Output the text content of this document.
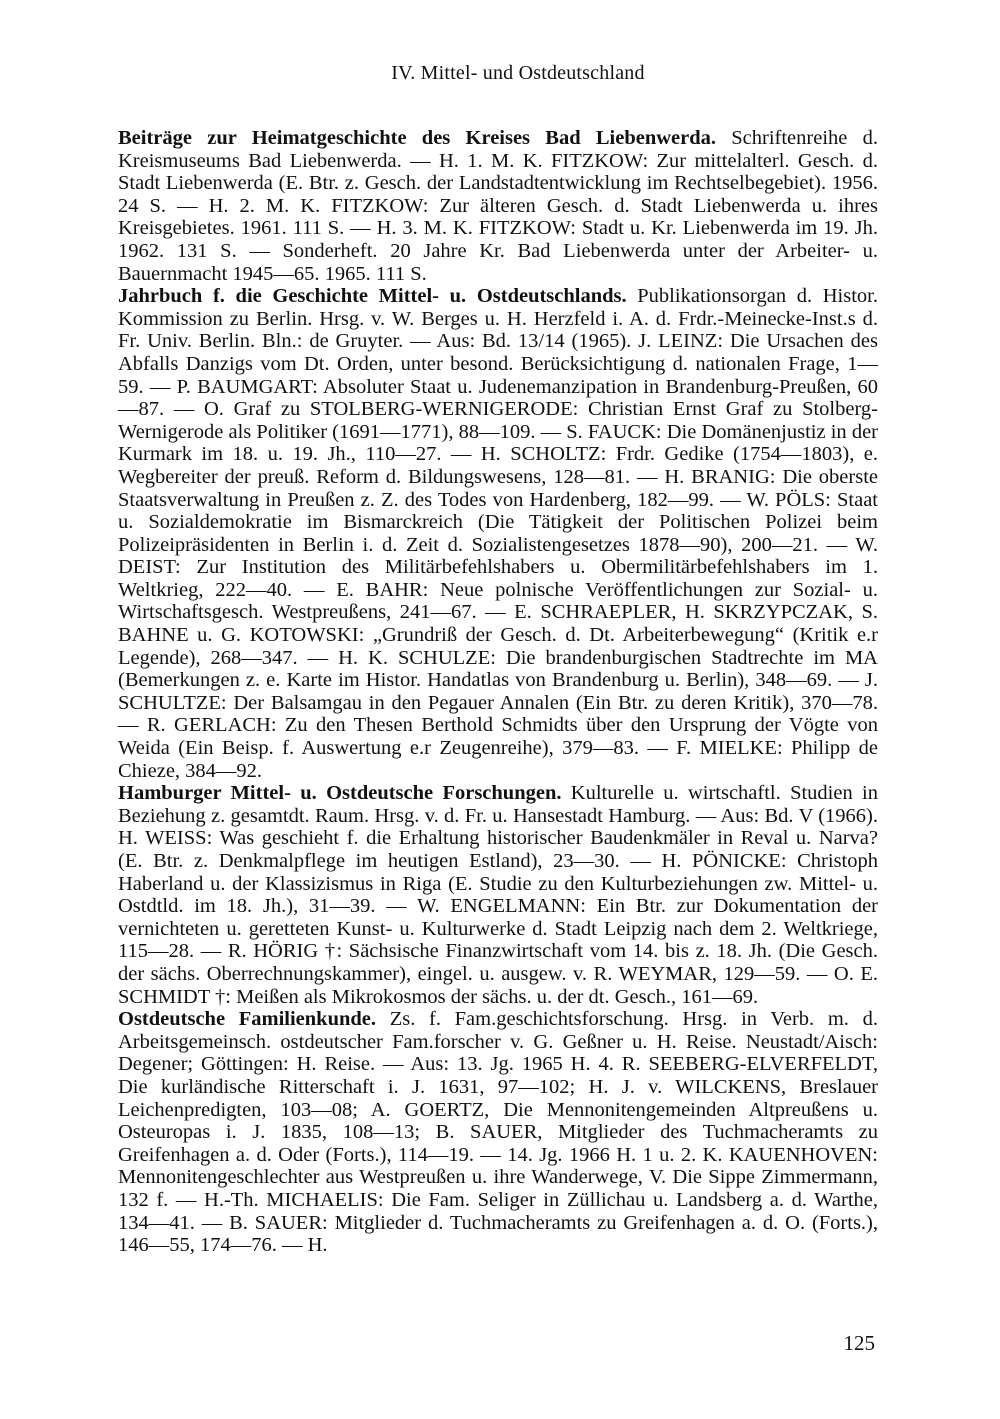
IV. Mittel- und Ostdeutschland

Beiträge zur Heimatgeschichte des Kreises Bad Liebenwerda. Schriftenreihe d. Kreismuseums Bad Liebenwerda. — H. 1. M. K. FITZKOW: Zur mittelalterl. Gesch. d. Stadt Liebenwerda (E. Btr. z. Gesch. der Landstadtentwicklung im Rechtselbegebiet). 1956. 24 S. — H. 2. M. K. FITZKOW: Zur älteren Gesch. d. Stadt Liebenwerda u. ihres Kreisgebietes. 1961. 111 S. — H. 3. M. K. FITZKOW: Stadt u. Kr. Liebenwerda im 19. Jh. 1962. 131 S. — Sonderheft. 20 Jahre Kr. Bad Liebenwerda unter der Arbeiter- u. Bauernmacht 1945—65. 1965. 111 S.

Jahrbuch f. die Geschichte Mittel- u. Ostdeutschlands. Publikationsorgan d. Histor. Kommission zu Berlin. Hrsg. v. W. Berges u. H. Herzfeld i. A. d. Frdr.-Meinecke-Inst.s d. Fr. Univ. Berlin. Bln.: de Gruyter. — Aus: Bd. 13/14 (1965). J. LEINZ: Die Ursachen des Abfalls Danzigs vom Dt. Orden, unter besond. Berücksichtigung d. nationalen Frage, 1—59. — P. BAUMGART: Absoluter Staat u. Judenemanzipation in Brandenburg-Preußen, 60—87. — O. Graf zu STOLBERG-WERNIGERODE: Christian Ernst Graf zu Stolberg-Wernigerode als Politiker (1691—1771), 88—109. — S. FAUCK: Die Domänenjustiz in der Kurmark im 18. u. 19. Jh., 110—27. — H. SCHOLTZ: Frdr. Gedike (1754—1803), e. Wegbereiter der preuß. Reform d. Bildungswesens, 128—81. — H. BRANIG: Die oberste Staatsverwaltung in Preußen z. Z. des Todes von Hardenberg, 182—99. — W. PÖLS: Staat u. Sozialdemokratie im Bismarckreich (Die Tätigkeit der Politischen Polizei beim Polizeipräsidenten in Berlin i. d. Zeit d. Sozialistengesetzes 1878—90), 200—21. — W. DEIST: Zur Institution des Militärbefehlshabers u. Obermilitärbefehlshabers im 1. Weltkrieg, 222—40. — E. BAHR: Neue polnische Veröffentlichungen zur Sozial- u. Wirtschaftsgesch. Westpreußens, 241—67. — E. SCHRAEPLER, H. SKRZYPCZAK, S. BAHNE u. G. KOTOWSKI: „Grundriß der Gesch. d. Dt. Arbeiterbewegung“ (Kritik e.r Legende), 268—347. — H. K. SCHULZE: Die brandenburgischen Stadtrechte im MA (Bemerkungen z. e. Karte im Histor. Handatlas von Brandenburg u. Berlin), 348—69. — J. SCHULTZE: Der Balsamgau in den Pegauer Annalen (Ein Btr. zu deren Kritik), 370—78. — R. GERLACH: Zu den Thesen Berthold Schmidts über den Ursprung der Vögte von Weida (Ein Beisp. f. Auswertung e.r Zeugenreihe), 379—83. — F. MIELKE: Philipp de Chieze, 384—92.

Hamburger Mittel- u. Ostdeutsche Forschungen. Kulturelle u. wirtschaftl. Studien in Beziehung z. gesamtdt. Raum. Hrsg. v. d. Fr. u. Hansestadt Hamburg. — Aus: Bd. V (1966). H. WEISS: Was geschieht f. die Erhaltung historischer Baudenkmäler in Reval u. Narva? (E. Btr. z. Denkmalpflege im heutigen Estland), 23—30. — H. PÖNICKE: Christoph Haberland u. der Klassizismus in Riga (E. Studie zu den Kulturbeziehungen zw. Mittel- u. Ostdtld. im 18. Jh.), 31—39. — W. ENGELMANN: Ein Btr. zur Dokumentation der vernichteten u. geretteten Kunst- u. Kulturwerke d. Stadt Leipzig nach dem 2. Weltkriege, 115—28. — R. HÖRIG †: Sächsische Finanzwirtschaft vom 14. bis z. 18. Jh. (Die Gesch. der sächs. Oberrechnungskammer), eingel. u. ausgew. v. R. WEYMAR, 129—59. — O. E. SCHMIDT †: Meißen als Mikrokosmos der sächs. u. der dt. Gesch., 161—69.

Ostdeutsche Familienkunde. Zs. f. Fam.geschichtsforschung. Hrsg. in Verb. m. d. Arbeitsgemeinsch. ostdeutscher Fam.forscher v. G. Geßner u. H. Reise. Neustadt/Aisch: Degener; Göttingen: H. Reise. — Aus: 13. Jg. 1965 H. 4. R. SEEBERG-ELVERFELDT, Die kurländische Ritterschaft i. J. 1631, 97—102; H. J. v. WILCKENS, Breslauer Leichenpredigten, 103—08; A. GOERTZ, Die Mennonitengemeinden Altpreußens u. Osteuropas i. J. 1835, 108—13; B. SAUER, Mitglieder des Tuchmacheramts zu Greifenhagen a. d. Oder (Forts.), 114—19. — 14. Jg. 1966 H. 1 u. 2. K. KAUENHOVEN: Mennonitengeschlechter aus Westpreußen u. ihre Wanderwege, V. Die Sippe Zimmermann, 132 f. — H.-Th. MICHAELIS: Die Fam. Seliger in Züllichau u. Landsberg a. d. Warthe, 134—41. — B. SAUER: Mitglieder d. Tuchmacheramts zu Greifenhagen a. d. O. (Forts.), 146—55, 174—76. — H.

125
